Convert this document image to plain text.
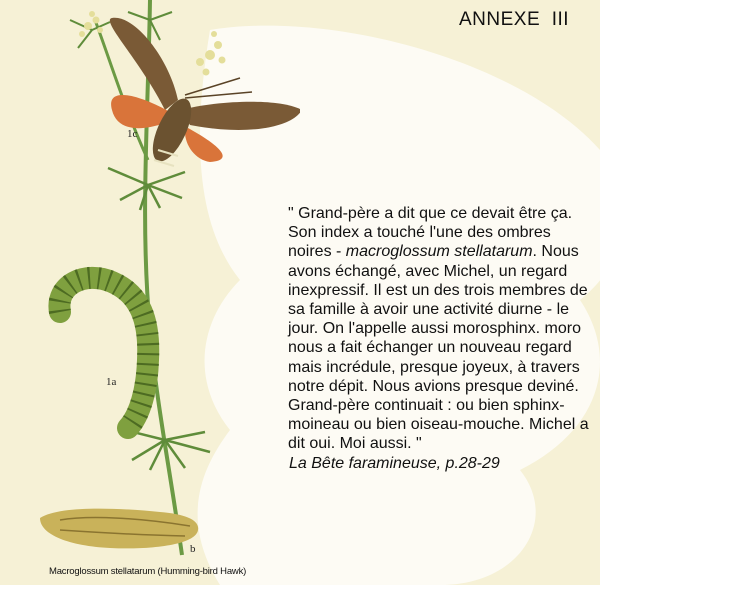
1c
1a
b
Macroglossum stellatarum (Humming-bird Hawk)
ANNEXE  III
" Grand-père a dit que ce devait être ça.
Son index a touché l'une des ombres
noires - macroglossum stellatarum. Nous
avons échangé, avec Michel, un regard
inexpressif. Il est un des trois membres de
sa famille à avoir une activité diurne - le
jour. On l'appelle aussi morosphinx. moro
nous a fait échanger un nouveau regard
mais incrédule, presque joyeux, à travers
notre dépit. Nous avions presque deviné.
Grand-père continuait : ou bien sphinx-
moineau ou bien oiseau-mouche. Michel a
dit oui. Moi aussi. "
La Bête faramineuse, p.28-29
